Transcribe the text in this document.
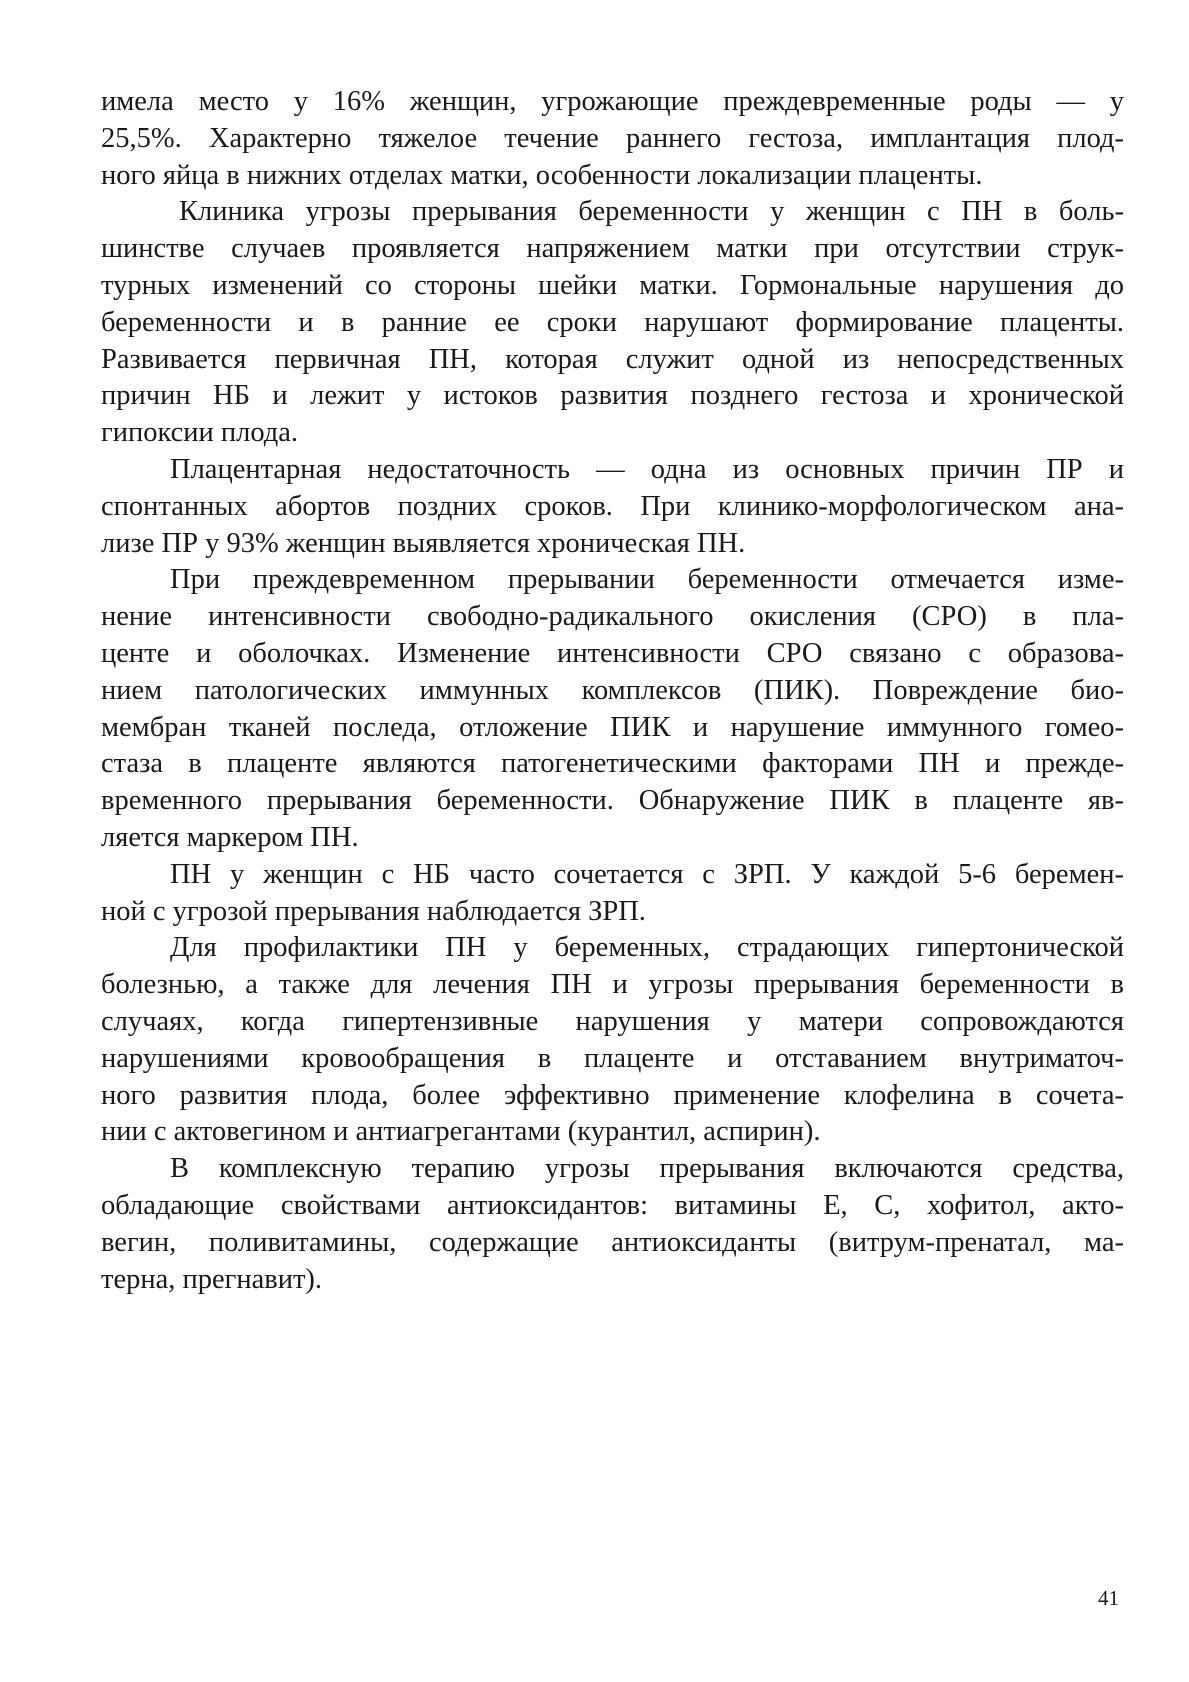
имела место у 16% женщин, угрожающие преждевременные роды — у
25,5%. Характерно тяжелое течение раннего гестоза, имплантация плод-
ного яйца в нижних отделах матки, особенности локализации плаценты.
Клиника угрозы прерывания беременности у женщин с ПН в боль-
шинстве случаев проявляется напряжением матки при отсутствии струк-
турных изменений со стороны шейки матки. Гормональные нарушения до
беременности и в ранние ее сроки нарушают формирование плаценты.
Развивается первичная ПН, которая служит одной из непосредственных
причин НБ и лежит у истоков развития позднего гестоза и хронической
гипоксии плода.
Плацентарная недостаточность — одна из основных причин ПР и
спонтанных абортов поздних сроков. При клинико-морфологическом ана-
лизе ПР у 93% женщин выявляется хроническая ПН.
При преждевременном прерывании беременности отмечается изме-
нение интенсивности свободно-радикального окисления (СРО) в пла-
центе и оболочках. Изменение интенсивности СРО связано с образова-
нием патологических иммунных комплексов (ПИК). Повреждение био-
мембран тканей последа, отложение ПИК и нарушение иммунного гомео-
стаза в плаценте являются патогенетическими факторами ПН и прежде-
временного прерывания беременности. Обнаружение ПИК в плаценте яв-
ляется маркером ПН.
ПН у женщин с НБ часто сочетается с ЗРП. У каждой 5-6 беремен-
ной с угрозой прерывания наблюдается ЗРП.
Для профилактики ПН у беременных, страдающих гипертонической
болезнью, а также для лечения ПН и угрозы прерывания беременности в
случаях, когда гипертензивные нарушения у матери сопровождаются
нарушениями кровообращения в плаценте и отставанием внутриматоч-
ного развития плода, более эффективно применение клофелина в сочета-
нии с актовегином и антиагрегантами (курантил, аспирин).
В комплексную терапию угрозы прерывания включаются средства,
обладающие свойствами антиоксидантов: витамины Е, С, хофитол, акто-
вегин, поливитамины, содержащие антиоксиданты (витрум-пренатал, ма-
терна, прегнавит).
41
